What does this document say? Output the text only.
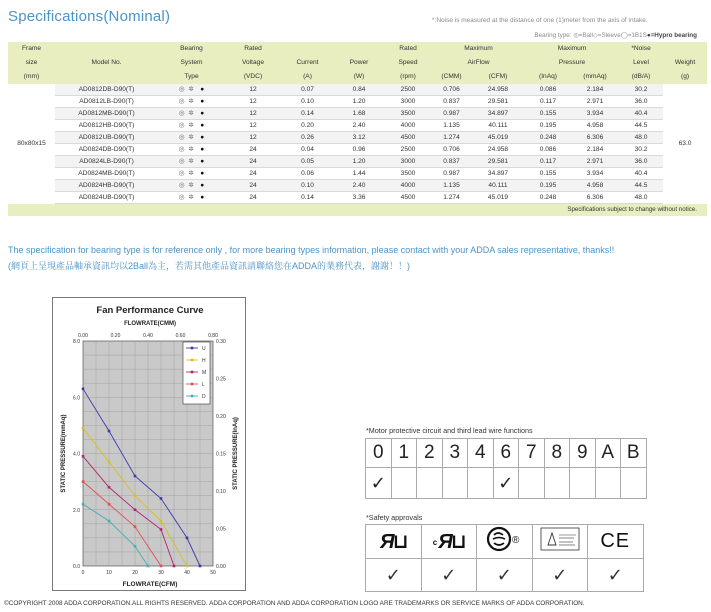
Specifications(Nominal)	*:Noise is measured at the distance of one (1)meter from the axis of intake.
Bearing type: ◎=Ball◇=Sleeve◯=1B1S●=Hypro bearing
Frame		Bearing	Rated			Rated	Maximum		Maximum		*Noise	
size	Model No.	System	Voltage	Current	Power	Speed	AirFlow		Pressure		Level	Weight
(mm)		Type	(VDC)	(A)	(W)	(rpm)	(CMM)	(CFM)	(InAq)	(mmAq)	(dB/A)	(g)
80x80x15	AD0812DB-D90(T)	◎ ✲   ●	12	0.07	0.84	2500	0.706	24.958	0.086	2.184	30.2	63.0
	AD0812LB-D90(T)	◎ ✲   ●	12	0.10	1.20	3000	0.837	29.581	0.117	2.971	36.0	
	AD0812MB-D90(T)	◎ ✲   ●	12	0.14	1.68	3500	0.987	34.897	0.155	3.934	40.4	
	AD0812HB-D90(T)	◎ ✲   ●	12	0.20	2.40	4000	1.135	40.111	0.195	4.958	44.5	
	AD0812UB-D90(T)	◎ ✲   ●	12	0.26	3.12	4500	1.274	45.019	0.248	6.306	48.0	
	AD0824DB-D90(T)	◎ ✲   ●	24	0.04	0.96	2500	0.706	24.958	0.086	2.184	30.2	
	AD0824LB-D90(T)	◎ ✲   ●	24	0.05	1.20	3000	0.837	29.581	0.117	2.971	36.0	
	AD0824MB-D90(T)	◎ ✲   ●	24	0.06	1.44	3500	0.987	34.897	0.155	3.934	40.4	
	AD0824HB-D90(T)	◎ ✲   ●	24	0.10	2.40	4000	1.135	40.111	0.195	4.958	44.5	
	AD0824UB-D90(T)	◎ ✲   ●	24	0.14	3.36	4500	1.274	45.019	0.248	6.306	48.0	
Specifications subject to change without notice.
The specification for bearing type is for reference only , for more bearing types information, please contact with your ADDA sales representative, thanks!!
(網頁上呈現產品軸承資訊均以2Ball為主，若需其他產品資訊請聯絡您在ADDA的業務代表，謝謝！！)
Fan Performance Curve
FLOWRATE(CMM)
0	10	20	30	40	50
0.00	0.20	0.40	0.60	0.80
0.0
2.0
4.0
6.0
8.0
0.00
0.05
0.10
0.15
0.20
0.25
0.30
FLOWRATE(CFM)
STATIC PRESSURE(mmAq)	STATIC PRESSURE(InAq)
U
H
M
L
D
*Motor protective circuit and third lead wire functions
0	1	2	3	4	6	7	8	9	A	B
✓					✓					
*Safety approvals
Я⊔	cЯ⊔	®		CE
✓	✓	✓	✓	✓
©COPYRIGHT 2008 ADDA CORPORATION.ALL RIGHTS RESERVED. ADDA CORPORATION AND ADDA CORPORATION LOGO ARE TRADEMARKS OR SERVICE MARKS OF ADDA CORPORATION.
